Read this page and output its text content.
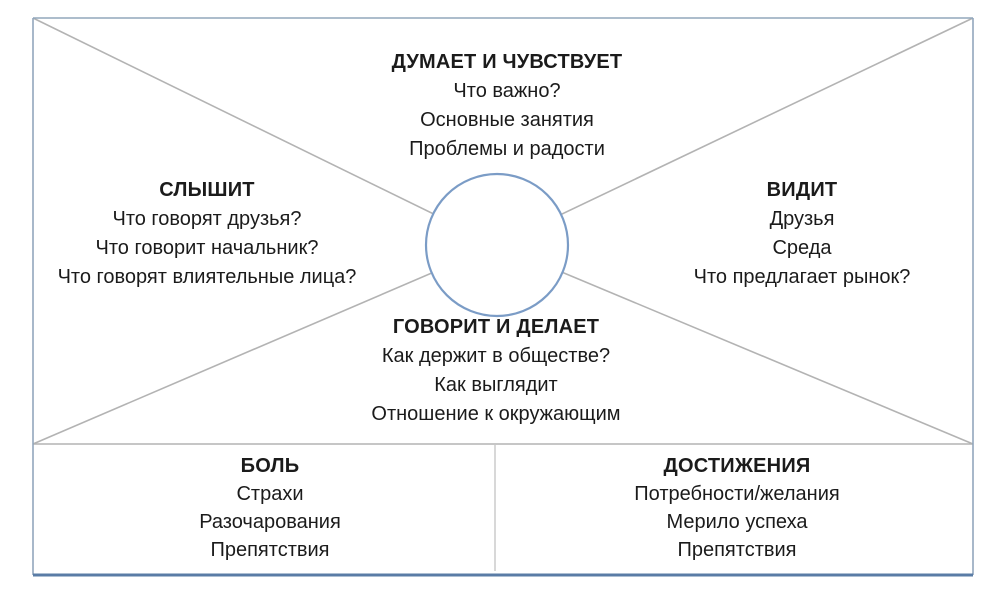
ДУМАЕТ И ЧУВСТВУЕТ
Что важно?
Основные занятия
Проблемы и радости
СЛЫШИТ
Что говорят друзья?
Что говорит начальник?
Что говорят влиятельные лица?
ВИДИТ
Друзья
Среда
Что предлагает рынок?
ГОВОРИТ И ДЕЛАЕТ
Как держит в обществе?
Как выглядит
Отношение к окружающим
БОЛЬ
Страхи
Разочарования
Препятствия
ДОСТИЖЕНИЯ
Потребности/желания
Мерило успеха
Препятствия
